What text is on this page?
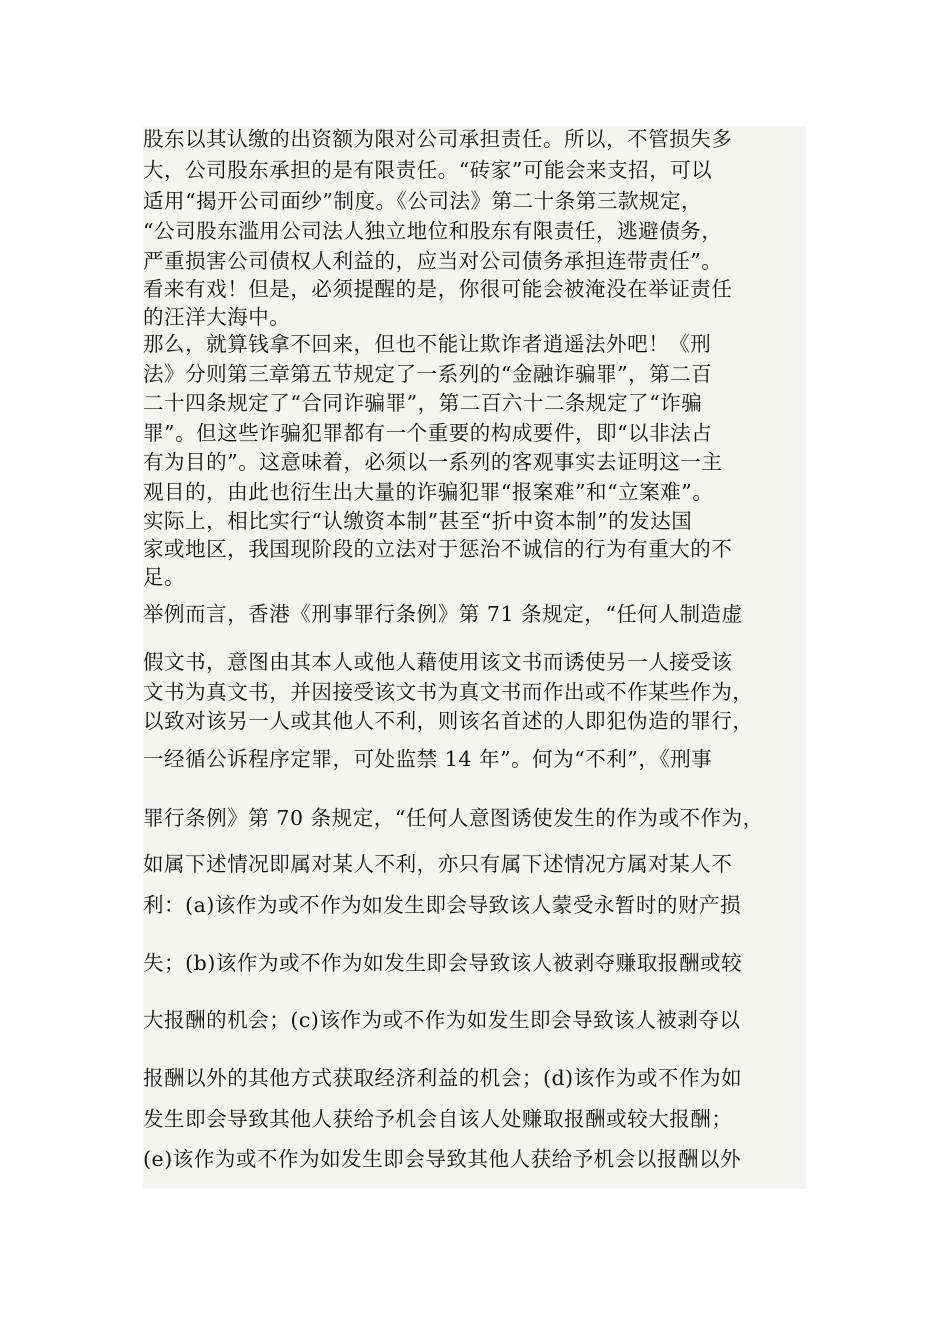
股东以其认缴的出资额为限对公司承担责任。所以，不管损失多
大，公司股东承担的是有限责任。“砖家”可能会来支招，可以
适用“揭开公司面纱”制度。《公司法》第二十条第三款规定，
“公司股东滥用公司法人独立地位和股东有限责任，逃避债务，
严重损害公司债权人利益的，应当对公司债务承担连带责任”。
看来有戏！但是，必须提醒的是，你很可能会被淹没在举证责任
的汪洋大海中。
那么，就算钱拿不回来，但也不能让欺诈者逍遥法外吧！《刑
法》分则第三章第五节规定了一系列的“金融诈骗罪”，第二百
二十四条规定了“合同诈骗罪”，第二百六十二条规定了“诈骗
罪”。但这些诈骗犯罪都有一个重要的构成要件，即“以非法占
有为目的”。这意味着，必须以一系列的客观事实去证明这一主
观目的，由此也衍生出大量的诈骗犯罪“报案难”和“立案难”。
实际上，相比实行“认缴资本制”甚至“折中资本制”的发达国
家或地区，我国现阶段的立法对于惩治不诚信的行为有重大的不
足。
举例而言，香港《刑事罪行条例》第 71 条规定，“任何人制造虚
假文书，意图由其本人或他人藉使用该文书而诱使另一人接受该
文书为真文书，并因接受该文书为真文书而作出或不作某些作为，
以致对该另一人或其他人不利，则该名首述的人即犯伪造的罪行，
一经循公诉程序定罪，可处监禁 14 年”。何为“不利”，《刑事
罪行条例》第 70 条规定，“任何人意图诱使发生的作为或不作为，
如属下述情况即属对某人不利，亦只有属下述情况方属对某人不
利：(a)该作为或不作为如发生即会导致该人蒙受永暂时的财产损
失；(b)该作为或不作为如发生即会导致该人被剥夺赚取报酬或较
大报酬的机会；(c)该作为或不作为如发生即会导致该人被剥夺以
报酬以外的其他方式获取经济利益的机会；(d)该作为或不作为如
发生即会导致其他人获给予机会自该人处赚取报酬或较大报酬；
(e)该作为或不作为如发生即会导致其他人获给予机会以报酬以外
